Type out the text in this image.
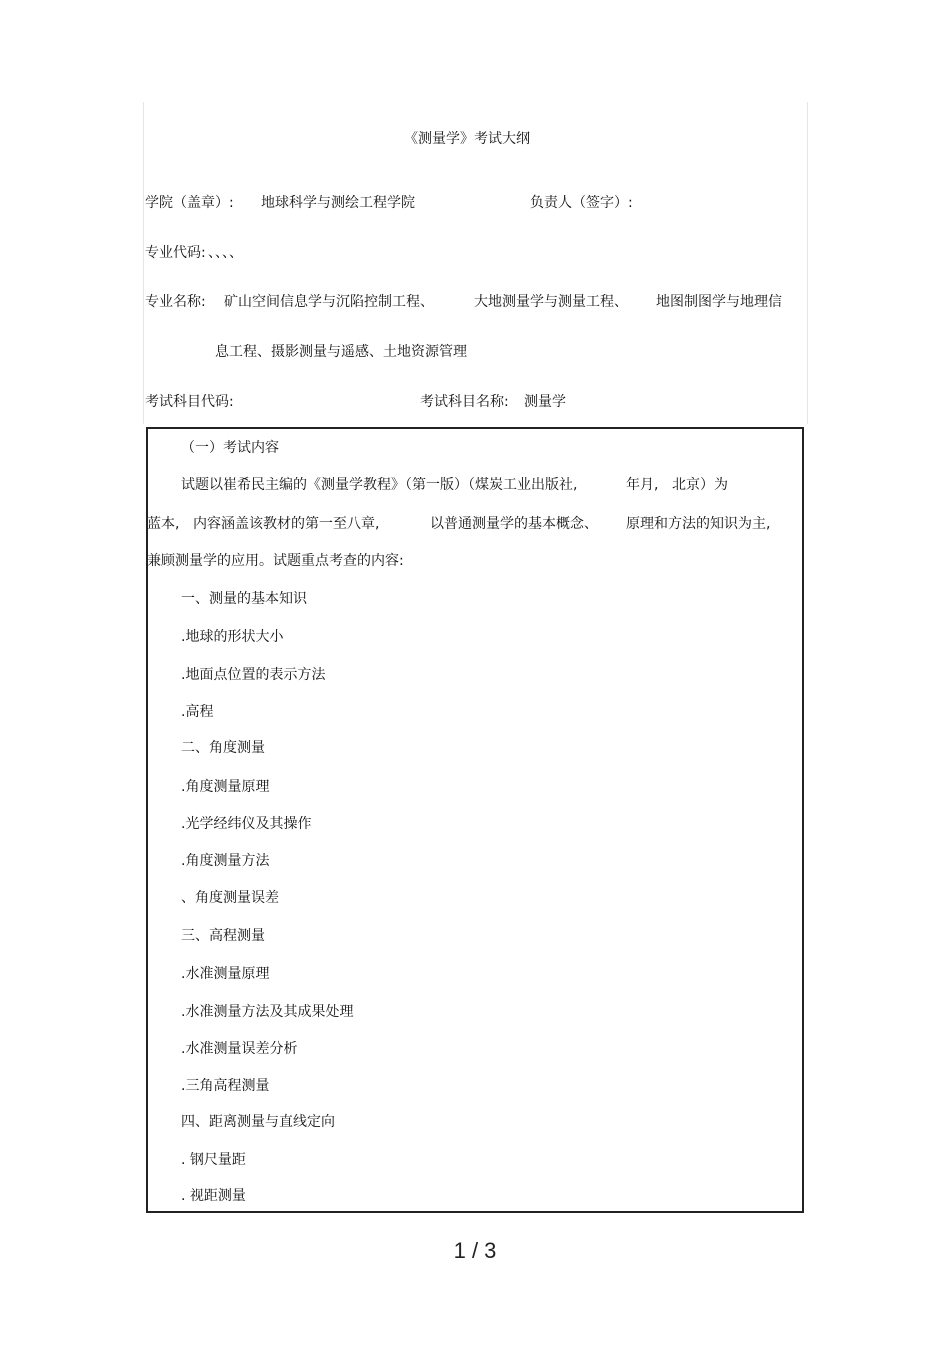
《测量学》考试大纲
学院（盖章）: 地球科学与测绘工程学院	负责人（签字）:
专业代码: 、、、、
专业名称: 矿山空间信息学与沉陷控制工程、	大地测量学与测量工程、 地图制图学与地理信
息工程、摄影测量与遥感、土地资源管理
考试科目代码:	考试科目名称: 测量学
（一）考试内容
试题以崔希民主编的《测量学教程》（第一版）（煤炭工业出版社,	年月, 北京）为
蓝本, 内容涵盖该教材的第一至八章,	以普通测量学的基本概念、 原理和方法的知识为主,
兼顾测量学的应用。试题重点考查的内容:
一、测量的基本知识
.地球的形状大小
.地面点位置的表示方法
.高程
二、角度测量
.角度测量原理
.光学经纬仪及其操作
.角度测量方法
、角度测量误差
三、高程测量
.水准测量原理
.水准测量方法及其成果处理
.水准测量误差分析
.三角高程测量
四、距离测量与直线定向
. 钢尺量距
. 视距测量
1 / 3
